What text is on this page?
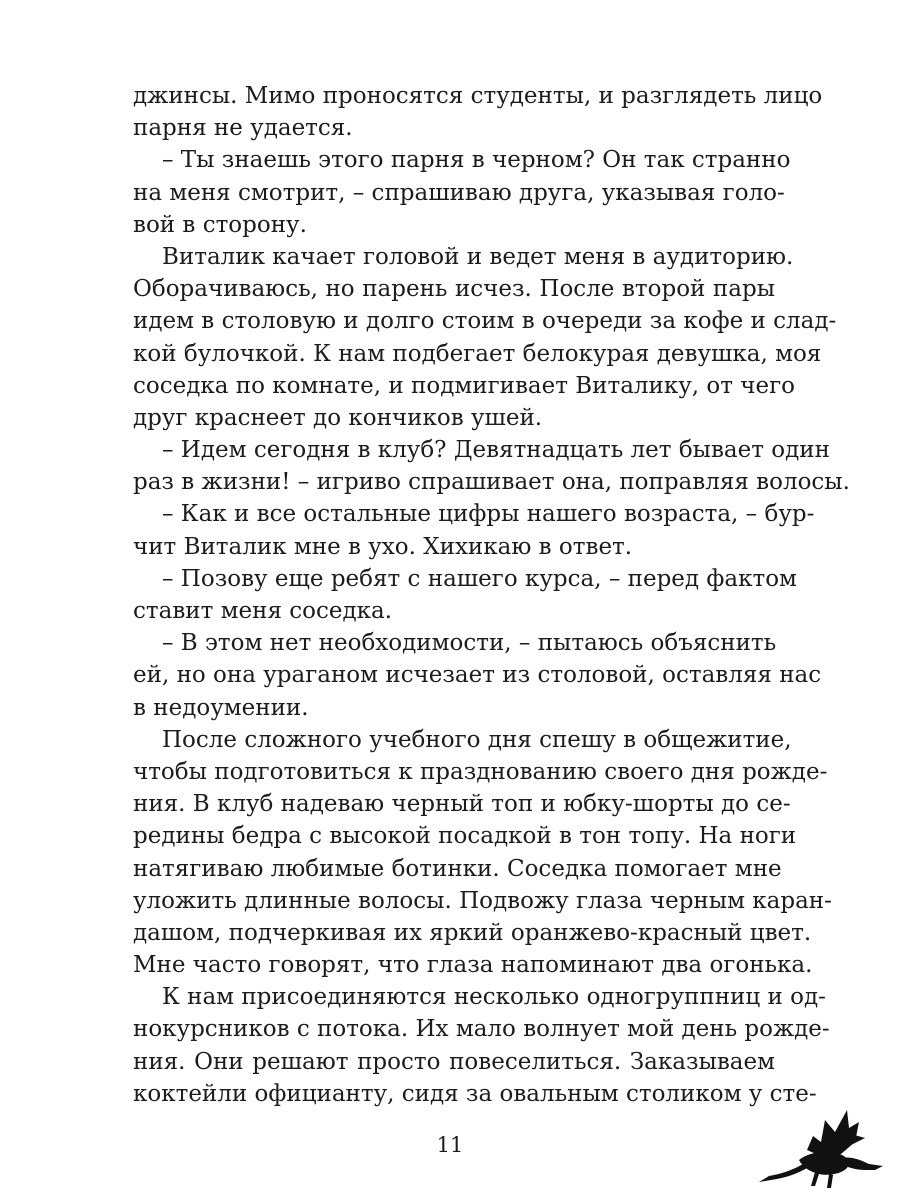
джинсы. Мимо проносятся студенты, и разглядеть лицо
парня не удается.
– Ты знаешь этого парня в черном? Он так странно
на меня смотрит, – спрашиваю друга, указывая голо-
вой в сторону.
Виталик качает головой и ведет меня в аудиторию.
Оборачиваюсь, но парень исчез. После второй пары
идем в столовую и долго стоим в очереди за кофе и слад-
кой булочкой. К нам подбегает белокурая девушка, моя
соседка по комнате, и подмигивает Виталику, от чего
друг краснеет до кончиков ушей.
– Идем сегодня в клуб? Девятнадцать лет бывает один
раз в жизни! – игриво спрашивает она, поправляя волосы.
– Как и все остальные цифры нашего возраста, – бур-
чит Виталик мне в ухо. Хихикаю в ответ.
– Позову еще ребят с нашего курса, – перед фактом
ставит меня соседка.
– В этом нет необходимости, – пытаюсь объяснить
ей, но она ураганом исчезает из столовой, оставляя нас
в недоумении.
После сложного учебного дня спешу в общежитие,
чтобы подготовиться к празднованию своего дня рожде-
ния. В клуб надеваю черный топ и юбку-шорты до се-
редины бедра с высокой посадкой в тон топу. На ноги
натягиваю любимые ботинки. Соседка помогает мне
уложить длинные волосы. Подвожу глаза черным каран-
дашом, подчеркивая их яркий оранжево-красный цвет.
Мне часто говорят, что глаза напоминают два огонька.
К нам присоединяются несколько одногруппниц и од-
нокурсников с потока. Их мало волнует мой день рожде-
ния. Они решают просто повеселиться. Заказываем
коктейли официанту, сидя за овальным столиком у сте-
11
